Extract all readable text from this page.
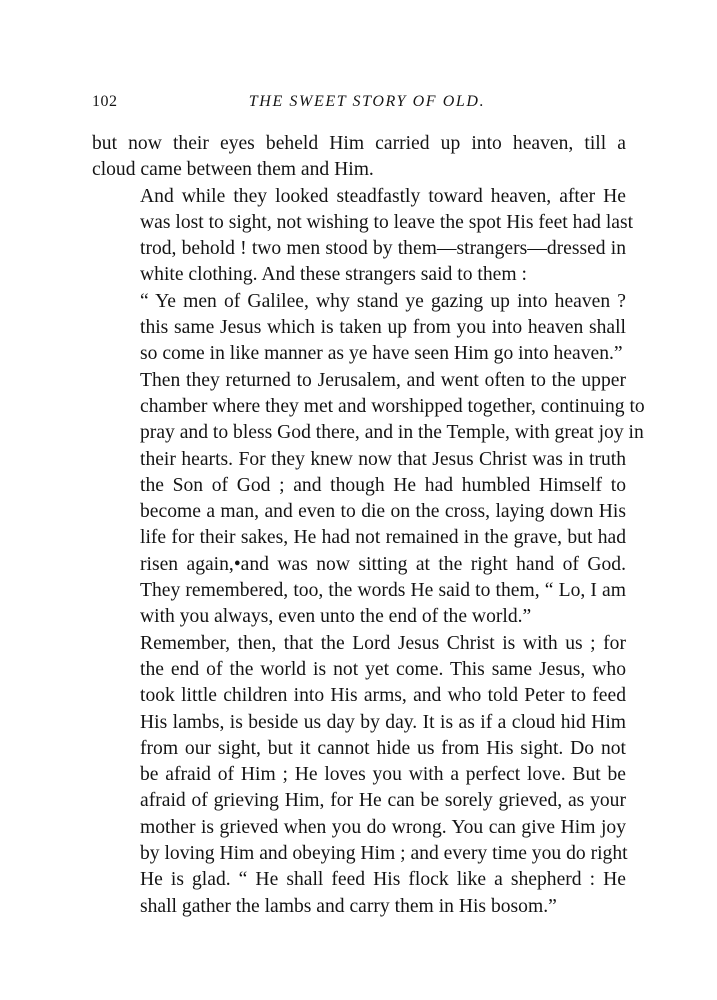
102	THE SWEET STORY OF OLD.

but now their eyes beheld Him carried up into heaven, till a
cloud came between them and Him.

And while they looked steadfastly toward heaven, after He
was lost to sight, not wishing to leave the spot His feet had last
trod, behold ! two men stood by them—strangers—dressed in
white clothing. And these strangers said to them :

“ Ye men of Galilee, why stand ye gazing up into heaven ?
this same Jesus which is taken up from you into heaven shall
so come in like manner as ye have seen Him go into heaven.”

Then they returned to Jerusalem, and went often to the upper
chamber where they met and worshipped together, continuing to
pray and to bless God there, and in the Temple, with great joy in
their hearts. For they knew now that Jesus Christ was in truth
the Son of God ; and though He had humbled Himself to
become a man, and even to die on the cross, laying down His
life for their sakes, He had not remained in the grave, but had
risen again,•and was now sitting at the right hand of God.
They remembered, too, the words He said to them, “ Lo, I am
with you always, even unto the end of the world.”

Remember, then, that the Lord Jesus Christ is with us ; for
the end of the world is not yet come. This same Jesus, who
took little children into His arms, and who told Peter to feed
His lambs, is beside us day by day. It is as if a cloud hid Him
from our sight, but it cannot hide us from His sight. Do not
be afraid of Him ; He loves you with a perfect love. But be
afraid of grieving Him, for He can be sorely grieved, as your
mother is grieved when you do wrong. You can give Him joy
by loving Him and obeying Him ; and every time you do right
He is glad. “ He shall feed His flock like a shepherd : He
shall gather the lambs and carry them in His bosom.”
